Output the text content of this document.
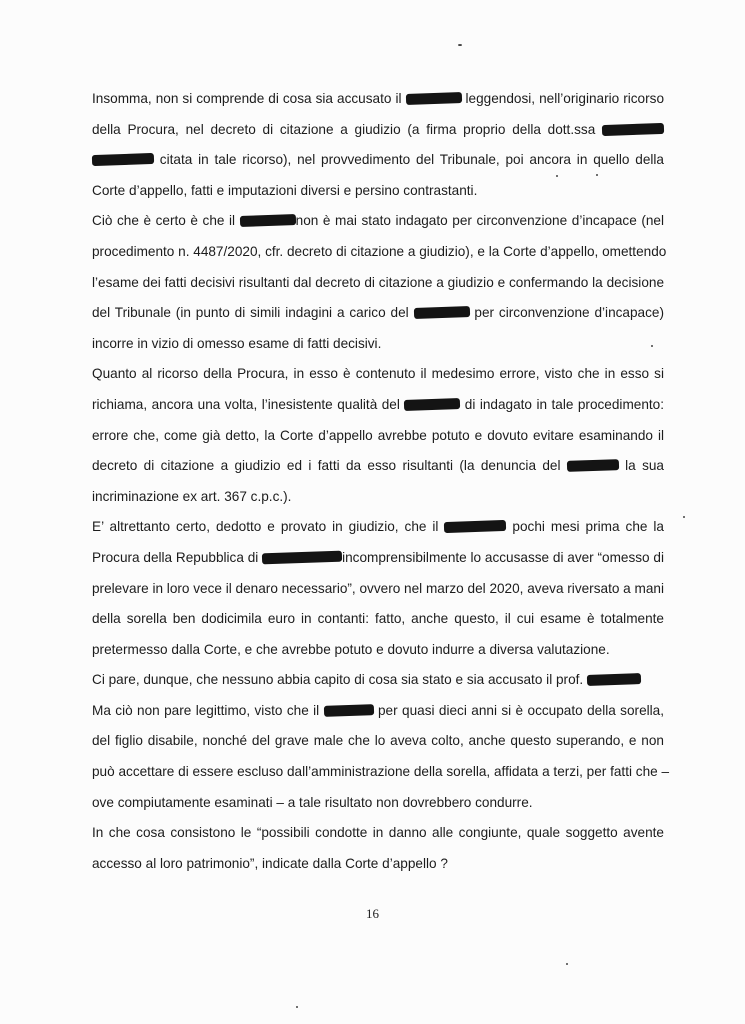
Insomma, non si comprende di cosa sia accusato il	leggendosi, nell’originario ricorso
della Procura, nel decreto di citazione a giudizio (a firma proprio della dott.ssa
citata in tale ricorso), nel provvedimento del Tribunale, poi ancora in quello della
Corte d’appello, fatti e imputazioni diversi e persino contrastanti.
Ciò che è certo è che il	non è mai stato indagato per circonvenzione d’incapace (nel
procedimento n. 4487/2020, cfr. decreto di citazione a giudizio), e la Corte d’appello, omettendo
l’esame dei fatti decisivi risultanti dal decreto di citazione a giudizio e confermando la decisione
del Tribunale (in punto di simili indagini a carico del	per circonvenzione d’incapace)
incorre in vizio di omesso esame di fatti decisivi.
Quanto al ricorso della Procura, in esso è contenuto il medesimo errore, visto che in esso si
richiama, ancora una volta, l’inesistente qualità del	di indagato in tale procedimento:
errore che, come già detto, la Corte d’appello avrebbe potuto e dovuto evitare esaminando il
decreto di citazione a giudizio ed i fatti da esso risultanti (la denuncia del	la sua
incriminazione ex art. 367 c.p.c.).
E’ altrettanto certo, dedotto e provato in giudizio, che il	pochi mesi prima che la
Procura della Repubblica di	incomprensibilmente lo accusasse di aver “omesso di
prelevare in loro vece il denaro necessario”, ovvero nel marzo del 2020, aveva riversato a mani
della sorella ben dodicimila euro in contanti: fatto, anche questo, il cui esame è totalmente
pretermesso dalla Corte, e che avrebbe potuto e dovuto indurre a diversa valutazione.
Ci pare, dunque, che nessuno abbia capito di cosa sia stato e sia accusato il prof.
Ma ciò non pare legittimo, visto che il	per quasi dieci anni si è occupato della sorella,
del figlio disabile, nonché del grave male che lo aveva colto, anche questo superando, e non
può accettare di essere escluso dall’amministrazione della sorella, affidata a terzi, per fatti che –
ove compiutamente esaminati – a tale risultato non dovrebbero condurre.
In che cosa consistono le “possibili condotte in danno alle congiunte, quale soggetto avente
accesso al loro patrimonio”, indicate dalla Corte d’appello ?
16
